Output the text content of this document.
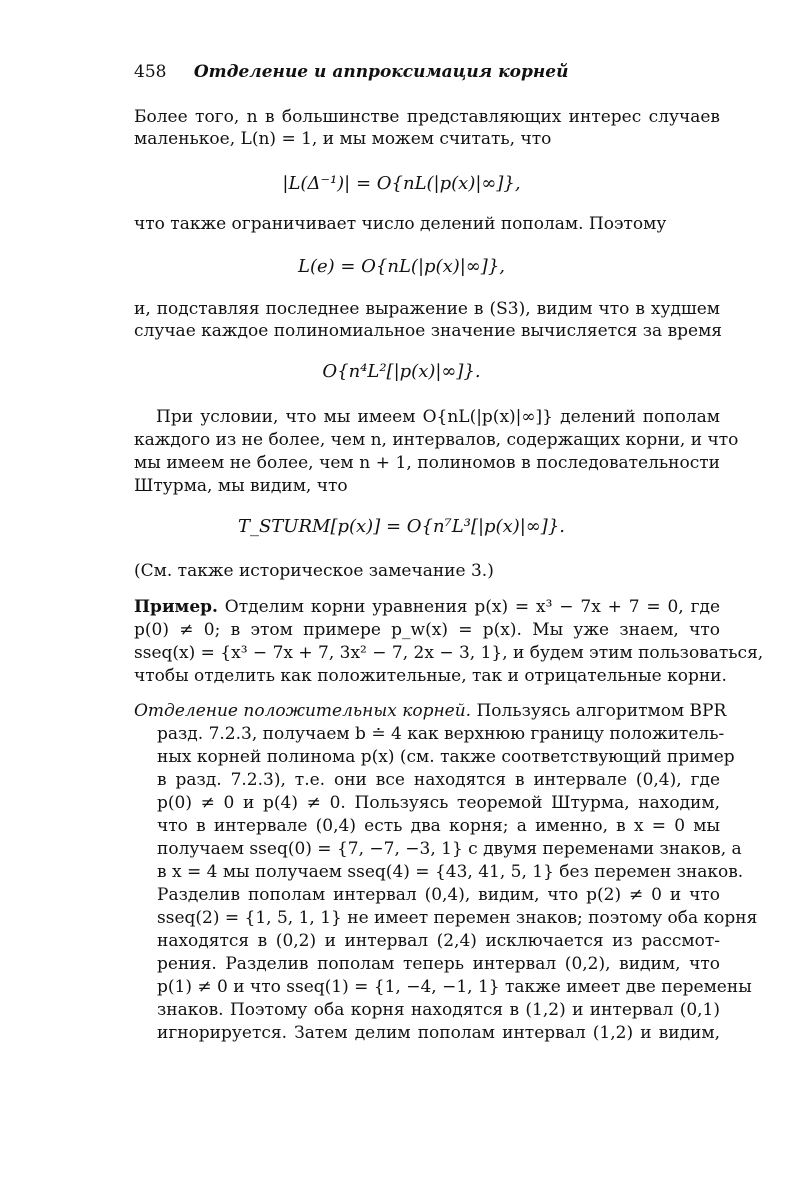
458 Отделение и аппроксимация корней
Более того, n в большинстве представляющих интерес случаев
маленькое, L(n) = 1, и мы можем считать, что
|L(Δ⁻¹)| = O{nL(|p(x)|∞]},
что также ограничивает число делений пополам. Поэтому
L(e) = O{nL(|p(x)|∞]},
и, подставляя последнее выражение в (S3), видим что в худшем
случае каждое полиномиальное значение вычисляется за время
O{n⁴L²[|p(x)|∞]}.
При условии, что мы имеем O{nL(|p(x)|∞]} делений пополам
каждого из не более, чем n, интервалов, содержащих корни, и что
мы имеем не более, чем n + 1, полиномов в последовательности
Штурма, мы видим, что
T_STURM[p(x)] = O{n⁷L³[|p(x)|∞]}.
(См. также историческое замечание 3.)
Пример. Отделим корни уравнения p(x) = x³ − 7x + 7 = 0, где
p(0) ≠ 0; в этом примере p_w(x) = p(x). Мы уже знаем, что
sseq(x) = {x³ − 7x + 7, 3x² − 7, 2x − 3, 1}, и будем этим пользоваться,
чтобы отделить как положительные, так и отрицательные корни.
Отделение положительных корней. Пользуясь алгоритмом BPR
разд. 7.2.3, получаем b ≐ 4 как верхнюю границу положитель-
ных корней полинома p(x) (см. также соответствующий пример
в разд. 7.2.3), т.е. они все находятся в интервале (0,4), где
p(0) ≠ 0 и p(4) ≠ 0. Пользуясь теоремой Штурма, находим,
что в интервале (0,4) есть два корня; а именно, в x = 0 мы
получаем sseq(0) = {7, −7, −3, 1} с двумя переменами знаков, а
в x = 4 мы получаем sseq(4) = {43, 41, 5, 1} без перемен знаков.
Разделив пополам интервал (0,4), видим, что p(2) ≠ 0 и что
sseq(2) = {1, 5, 1, 1} не имеет перемен знаков; поэтому оба корня
находятся в (0,2) и интервал (2,4) исключается из рассмот-
рения. Разделив пополам теперь интервал (0,2), видим, что
p(1) ≠ 0 и что sseq(1) = {1, −4, −1, 1} также имеет две перемены
знаков. Поэтому оба корня находятся в (1,2) и интервал (0,1)
игнорируется. Затем делим пополам интервал (1,2) и видим,
